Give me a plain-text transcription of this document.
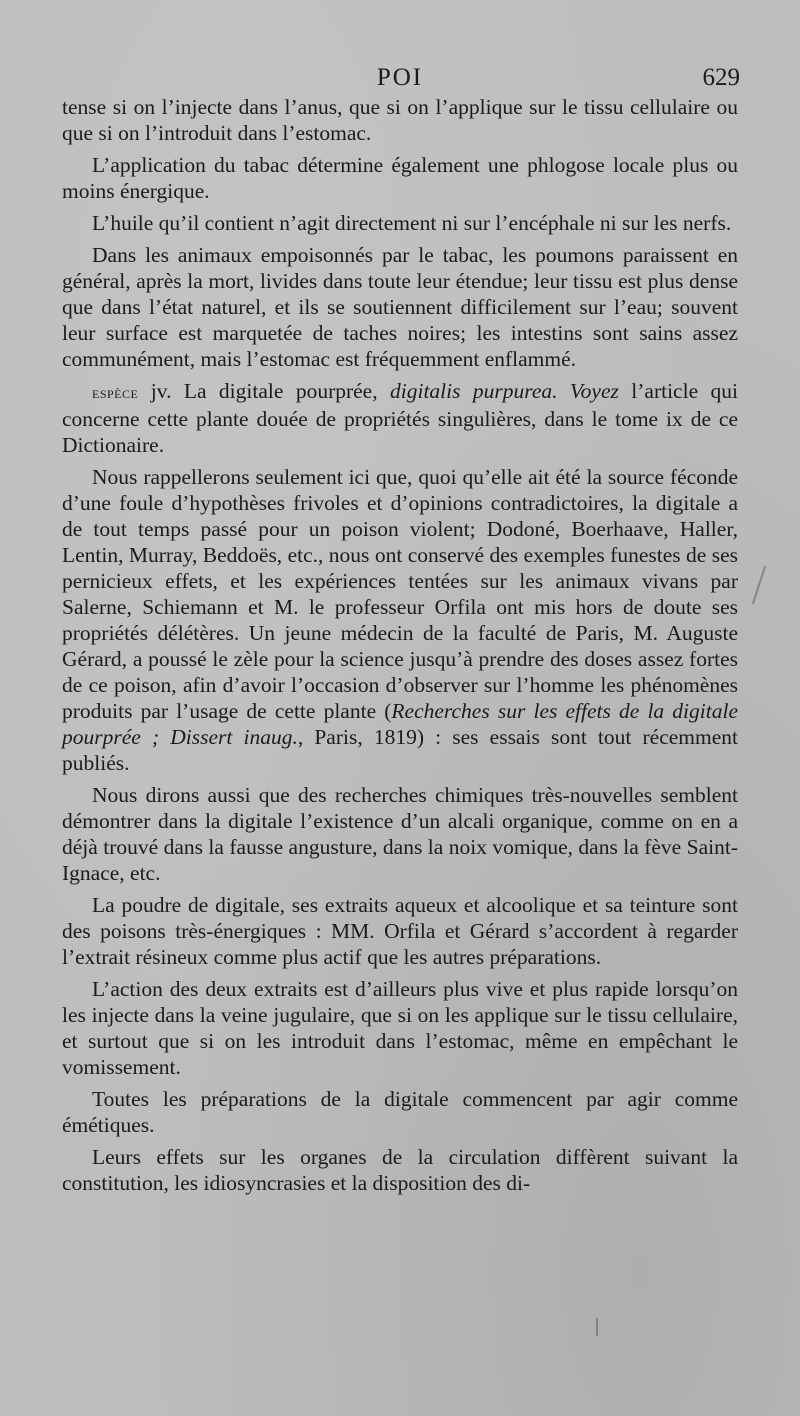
POI	629

tense si on l’injecte dans l’anus, que si on l’applique sur le tissu cellulaire ou que si on l’introduit dans l’estomac.

L’application du tabac détermine également une phlogose locale plus ou moins énergique.

L’huile qu’il contient n’agit directement ni sur l’encéphale ni sur les nerfs.

Dans les animaux empoisonnés par le tabac, les poumons paraissent en général, après la mort, livides dans toute leur étendue; leur tissu est plus dense que dans l’état naturel, et ils se soutiennent difficilement sur l’eau; souvent leur surface est marquetée de taches noires; les intestins sont sains assez communément, mais l’estomac est fréquemment enflammé.

espèce jv. La digitale pourprée, digitalis purpurea. Voyez l’article qui concerne cette plante douée de propriétés singulières, dans le tome ix de ce Dictionaire.

Nous rappellerons seulement ici que, quoi qu’elle ait été la source féconde d’une foule d’hypothèses frivoles et d’opinions contradictoires, la digitale a de tout temps passé pour un poison violent; Dodoné, Boerhaave, Haller, Lentin, Murray, Beddoës, etc., nous ont conservé des exemples funestes de ses pernicieux effets, et les expériences tentées sur les animaux vivans par Salerne, Schiemann et M. le professeur Orfila ont mis hors de doute ses propriétés délétères. Un jeune médecin de la faculté de Paris, M. Auguste Gérard, a poussé le zèle pour la science jusqu’à prendre des doses assez fortes de ce poison, afin d’avoir l’occasion d’observer sur l’homme les phénomènes produits par l’usage de cette plante (Recherches sur les effets de la digitale pourprée ; Dissert inaug., Paris, 1819) : ses essais sont tout récemment publiés.

Nous dirons aussi que des recherches chimiques très-nouvelles semblent démontrer dans la digitale l’existence d’un alcali organique, comme on en a déjà trouvé dans la fausse angusture, dans la noix vomique, dans la fève Saint-Ignace, etc.

La poudre de digitale, ses extraits aqueux et alcoolique et sa teinture sont des poisons très-énergiques : MM. Orfila et Gérard s’accordent à regarder l’extrait résineux comme plus actif que les autres préparations.

L’action des deux extraits est d’ailleurs plus vive et plus rapide lorsqu’on les injecte dans la veine jugulaire, que si on les applique sur le tissu cellulaire, et surtout que si on les introduit dans l’estomac, même en empêchant le vomissement.

Toutes les préparations de la digitale commencent par agir comme émétiques.

Leurs effets sur les organes de la circulation diffèrent suivant la constitution, les idiosyncrasies et la disposition des di-
